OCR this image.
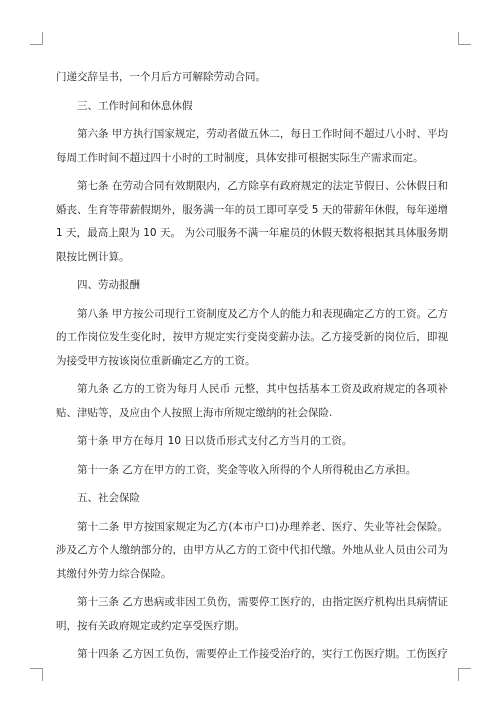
门递交辞呈书，一个月后方可解除劳动合同。

三、工作时间和休息休假

第六条 甲方执行国家规定，劳动者做五休二，每日工作时间不超过八小时、平均每周工作时间不超过四十小时的工时制度，具体安排可根据实际生产需求而定。

第七条 在劳动合同有效期限内，乙方除享有政府规定的法定节假日、公休假日和婚丧、生育等带薪假期外，服务满一年的员工即可享受 5 天的带薪年休假，每年递增 1 天，最高上限为 10 天。 为公司服务不满一年雇员的休假天数将根据其具体服务期限按比例计算。

四、劳动报酬

第八条 甲方按公司现行工资制度及乙方个人的能力和表现确定乙方的工资。乙方的工作岗位发生变化时，按甲方规定实行变岗变薪办法。乙方接受新的岗位后，即视为接受甲方按该岗位重新确定乙方的工资。

第九条 乙方的工资为每月人民币 元整，其中包括基本工资及政府规定的各项补贴、津贴等，及应由个人按照上海市所规定缴纳的社会保险.

第十条 甲方在每月 10 日以货币形式支付乙方当月的工资。

第十一条 乙方在甲方的工资，奖金等收入所得的个人所得税由乙方承担。

五、社会保险

第十二条 甲方按国家规定为乙方(本市户口)办理养老、医疗、失业等社会保险。涉及乙方个人缴纳部分的，由甲方从乙方的工资中代扣代缴。外地从业人员由公司为其缴付外劳力综合保险。

第十三条 乙方患病或非因工负伤，需要停工医疗的，由指定医疗机构出具病情证明，按有关政府规定或约定享受医疗期。

第十四条 乙方因工负伤，需要停止工作接受治疗的，实行工伤医疗期。工伤医疗
